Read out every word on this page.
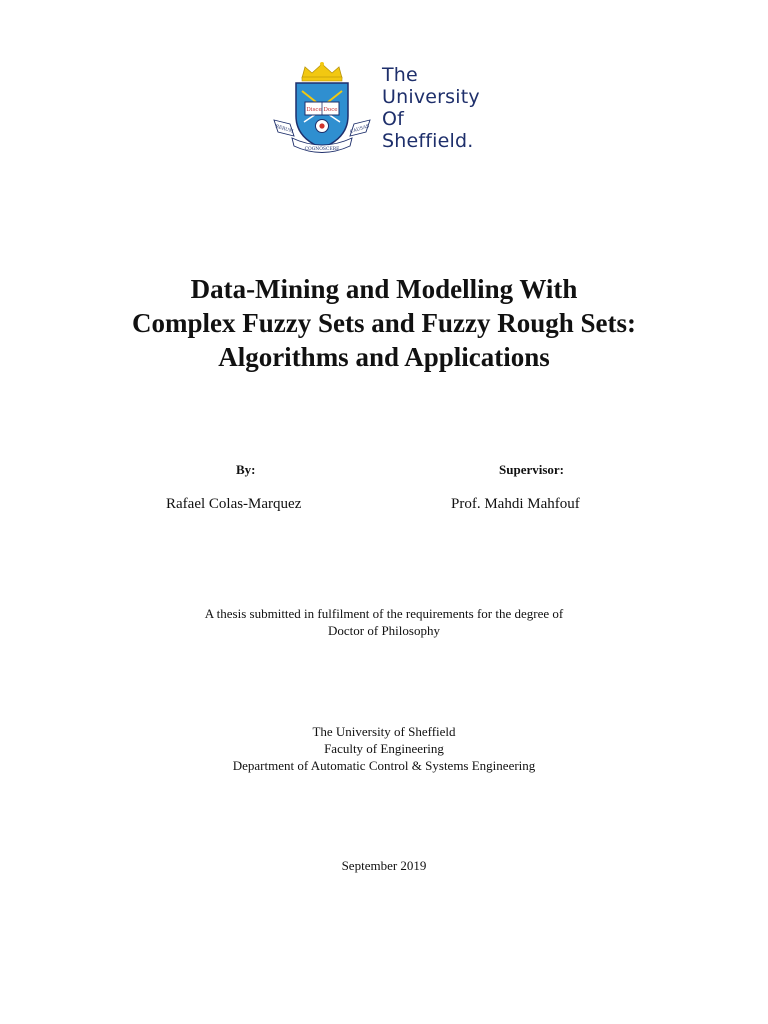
Disce Doce
RERUM
COGNOSCERE
CAUSAS
The
University
Of
Sheffield.
Data-Mining and Modelling With
Complex Fuzzy Sets and Fuzzy Rough Sets:
Algorithms and Applications
By:
Rafael Colas-Marquez
Supervisor:
Prof. Mahdi Mahfouf
A thesis submitted in fulfilment of the requirements for the degree of
Doctor of Philosophy
The University of Sheffield
Faculty of Engineering
Department of Automatic Control & Systems Engineering
September 2019
